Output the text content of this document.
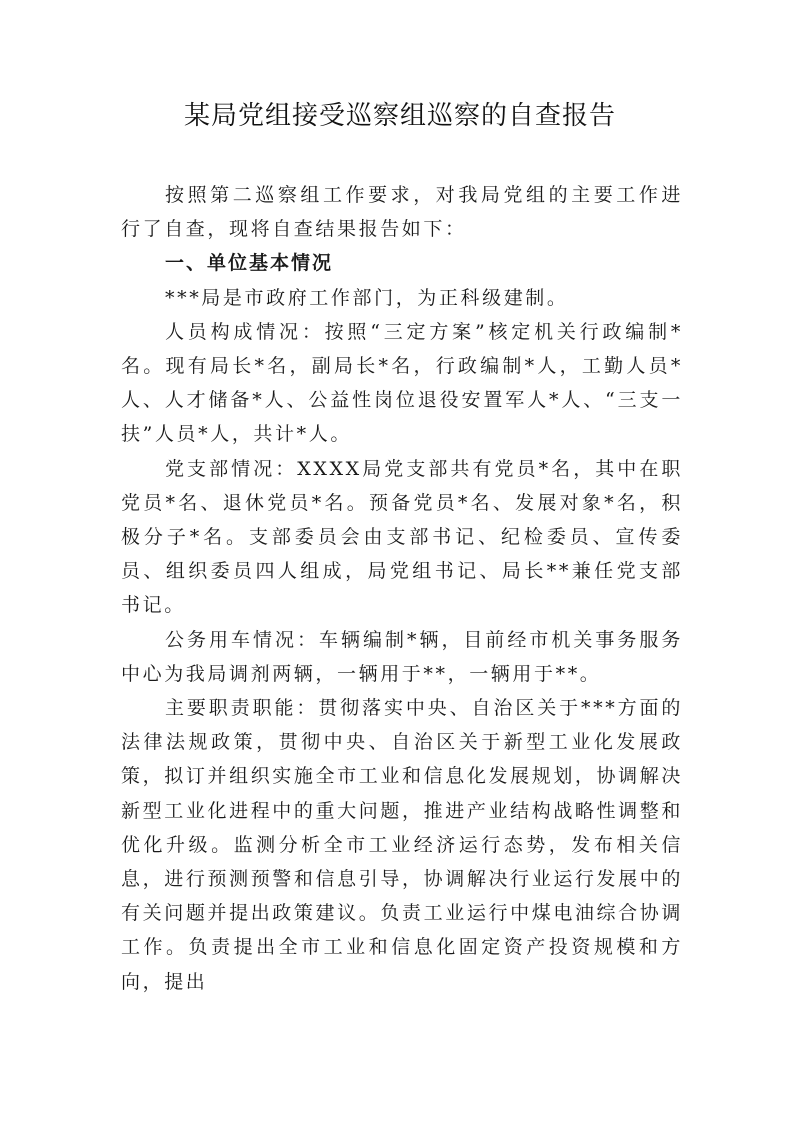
某局党组接受巡察组巡察的自查报告

按照第二巡察组工作要求，对我局党组的主要工作进行了自查，现将自查结果报告如下：

一、单位基本情况

***局是市政府工作部门，为正科级建制。

人员构成情况：按照“三定方案”核定机关行政编制*名。现有局长*名，副局长*名，行政编制*人，工勤人员*人、人才储备*人、公益性岗位退役安置军人*人、“三支一扶”人员*人，共计*人。

党支部情况：XXXX局党支部共有党员*名，其中在职党员*名、退休党员*名。预备党员*名、发展对象*名，积极分子*名。支部委员会由支部书记、纪检委员、宣传委员、组织委员四人组成，局党组书记、局长**兼任党支部书记。

公务用车情况：车辆编制*辆，目前经市机关事务服务中心为我局调剂两辆，一辆用于**，一辆用于**。

主要职责职能：贯彻落实中央、自治区关于***方面的法律法规政策，贯彻中央、自治区关于新型工业化发展政策，拟订并组织实施全市工业和信息化发展规划，协调解决新型工业化进程中的重大问题，推进产业结构战略性调整和优化升级。监测分析全市工业经济运行态势，发布相关信息，进行预测预警和信息引导，协调解决行业运行发展中的有关问题并提出政策建议。负责工业运行中煤电油综合协调工作。负责提出全市工业和信息化固定资产投资规模和方向，提出
